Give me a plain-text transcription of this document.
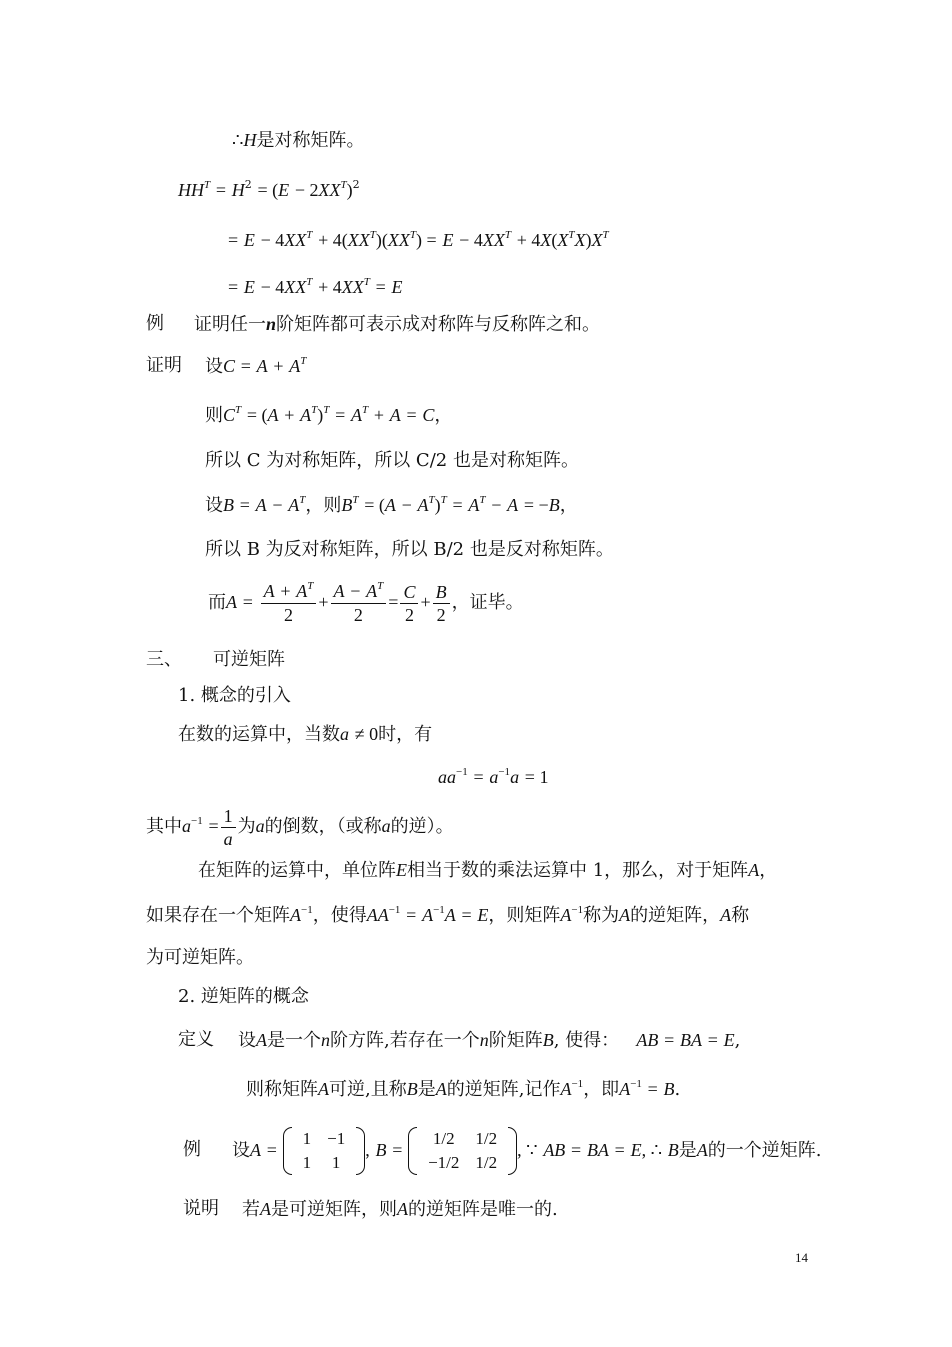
∴H是对称矩阵。
$HH^T = H^2 = (E - 2XX^T)^2$
= $E - 4XX^T + 4(XX^T)(XX^T) = E - 4XX^T + 4X(X^TX)X^T$
= $E - 4XX^T + 4XX^T = E$
例 证明任一n阶矩阵都可表示成对称阵与反称阵之和。
证明 设$C = A + A^T$
则$C^T = (A + A^T)^T = A^T + A = C$，
所以 C 为对称矩阵，所以 C/2 也是对称矩阵。
设$B = A - A^T$，则$B^T = (A - A^T)^T = A^T - A = -B$，
所以 B 为反对称矩阵，所以 B/2 也是反对称矩阵。
而$A = \frac{A + A^T}{2} + \frac{A - A^T}{2} = \frac{C}{2} + \frac{B}{2}$ ，证毕。
三、 可逆矩阵
1. 概念的引入
在数的运算中，当数a ≠ 0时，有
$aa^{-1} = a^{-1}a = 1$
其中$a^{-1} = \frac{1}{a}$ 为a的倒数，（或称a的逆）。
在矩阵的运算中，单位阵E相当于数的乘法运算中 1，那么，对于矩阵A，
如果存在一个矩阵$A^{-1}$，使得$AA^{-1} = A^{-1}A = E$，则矩阵$A^{-1}$称为A的逆矩阵，A称
为可逆矩阵。
2. 逆矩阵的概念
定义 设A是一个n阶方阵,若存在一个n阶矩阵B, 使得：   AB = BA = E,
则称矩阵A可逆,且称B是A的逆矩阵,记作$A^{-1}$，即$A^{-1} = B$.
例 设A =
1	−1
1	1
, B =
1/2	1/2
−1/2	1/2
, ∵ AB = BA = E, ∴ B是A的一个逆矩阵.
说明 若A是可逆矩阵，则A的逆矩阵是唯一的.
14
